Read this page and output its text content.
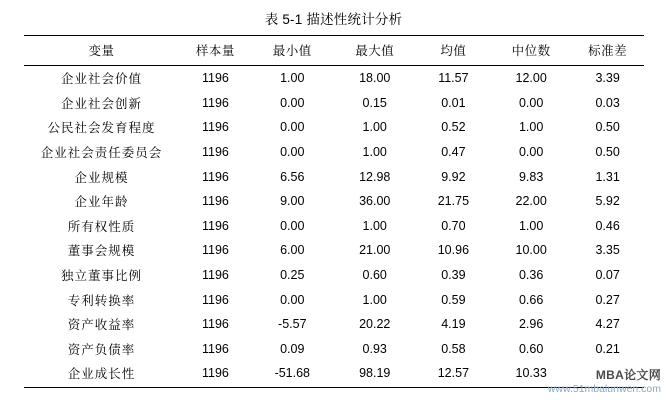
表 5-1 描述性统计分析
变量	样本量	最小值	最大值	均值	中位数	标准差
企业社会价值	1196	1.00	18.00	11.57	12.00	3.39
企业社会创新	1196	0.00	0.15	0.01	0.00	0.03
公民社会发育程度	1196	0.00	1.00	0.52	1.00	0.50
企业社会责任委员会	1196	0.00	1.00	0.47	0.00	0.50
企业规模	1196	6.56	12.98	9.92	9.83	1.31
企业年龄	1196	9.00	36.00	21.75	22.00	5.92
所有权性质	1196	0.00	1.00	0.70	1.00	0.46
董事会规模	1196	6.00	21.00	10.96	10.00	3.35
独立董事比例	1196	0.25	0.60	0.39	0.36	0.07
专利转换率	1196	0.00	1.00	0.59	0.66	0.27
资产收益率	1196	-5.57	20.22	4.19	2.96	4.27
资产负债率	1196	0.09	0.93	0.58	0.60	0.21
企业成长性	1196	-51.68	98.19	12.57	10.33		MBA论文网
www.51mbalunwen.com
